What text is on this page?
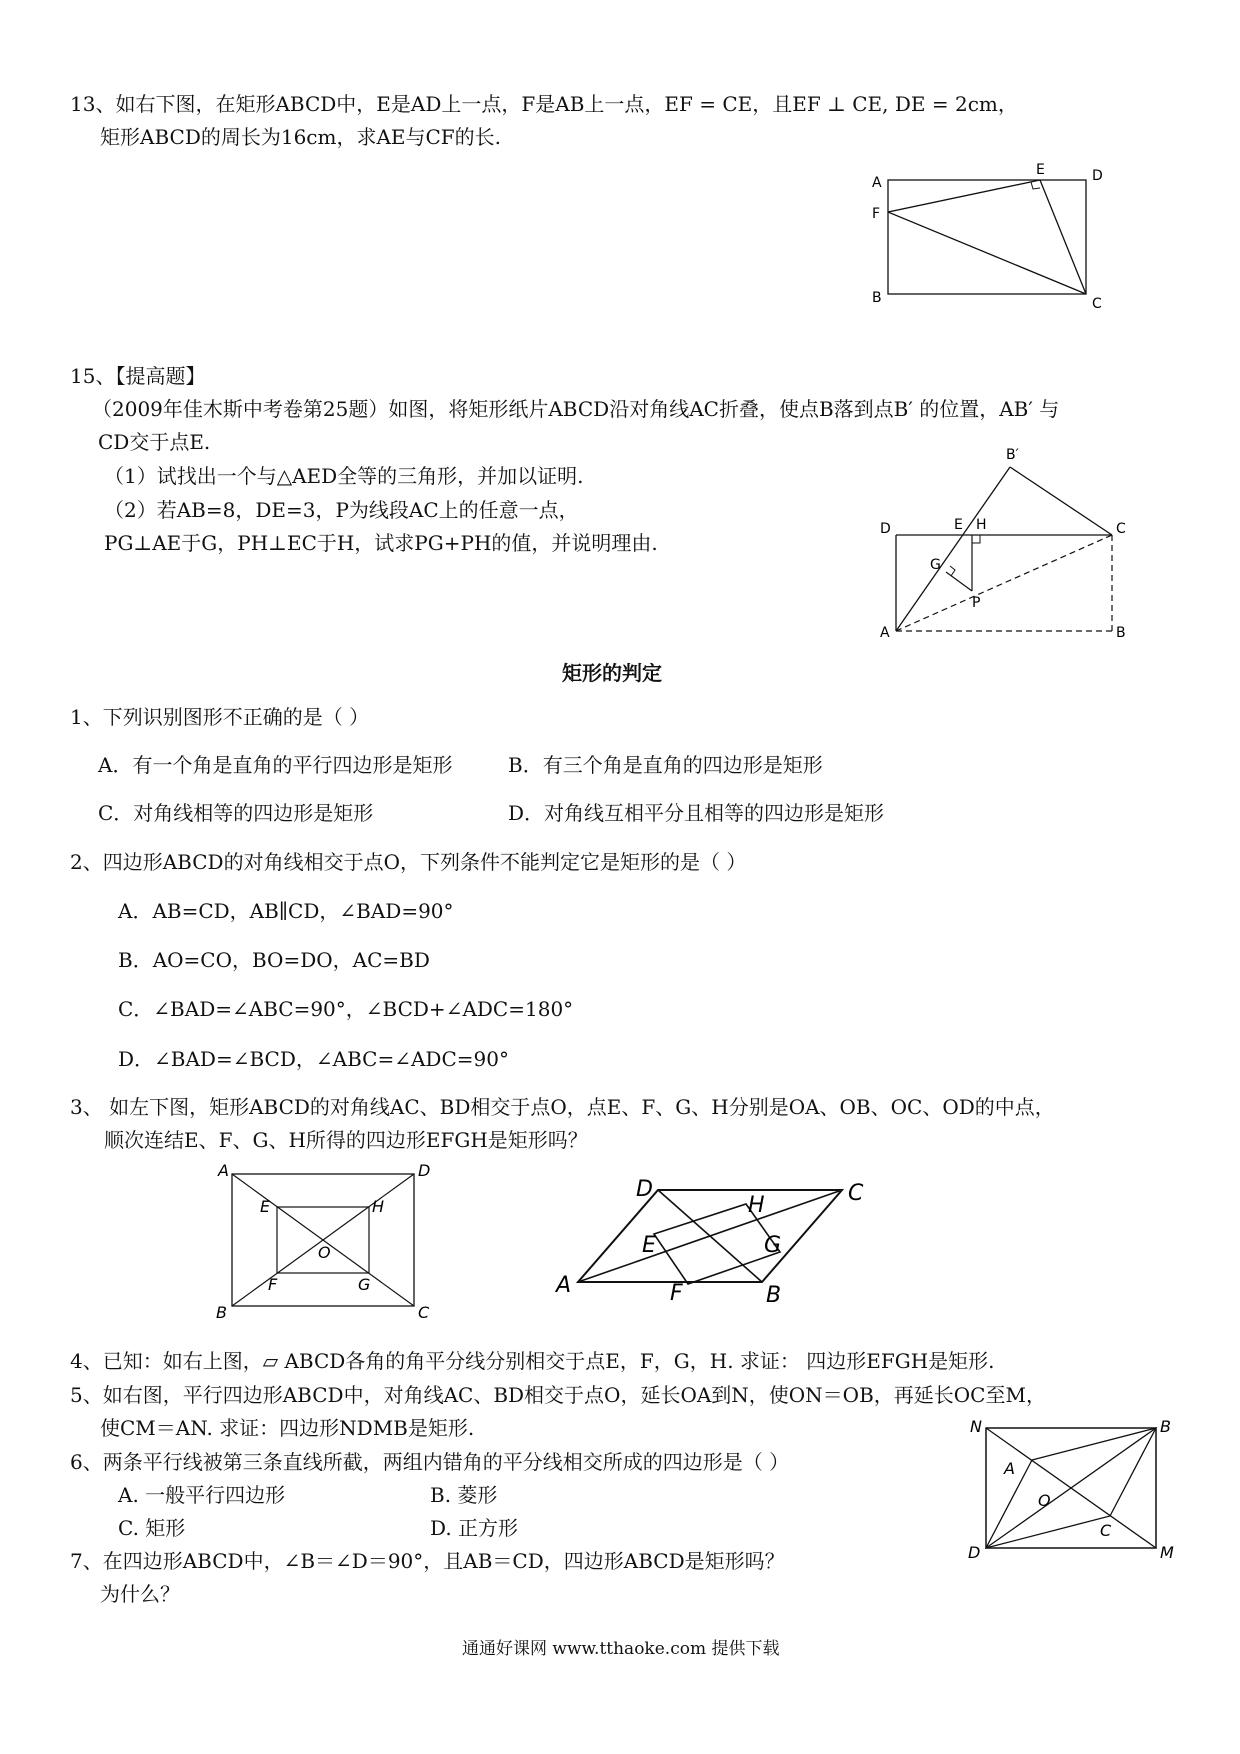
13、如右下图，在矩形ABCD中，E是AD上一点，F是AB上一点，EF = CE，且EF ⊥ CE, DE = 2cm，
矩形ABCD的周长为16cm，求AE与CF的长.
A
E	D
F
B	C
15、【提高题】
（2009年佳木斯中考卷第25题）如图，将矩形纸片ABCD沿对角线AC折叠，使点B落到点B′ 的位置，AB′ 与
CD交于点E.
（1）试找出一个与△AED全等的三角形，并加以证明.
（2）若AB=8，DE=3，P为线段AC上的任意一点，
PG⊥AE于G，PH⊥EC于H，试求PG+PH的值，并说明理由.
B′
D	E H	C
G
P
A	B
矩形的判定
1、下列识别图形不正确的是（ ）
A．有一个角是直角的平行四边形是矩形	B．有三个角是直角的四边形是矩形
C．对角线相等的四边形是矩形	D．对角线互相平分且相等的四边形是矩形
2、四边形ABCD的对角线相交于点O，下列条件不能判定它是矩形的是（ ）
A．AB=CD，AB∥CD，∠BAD=90°
B．AO=CO，BO=DO，AC=BD
C．∠BAD=∠ABC=90°，∠BCD+∠ADC=180°
D．∠BAD=∠BCD，∠ABC=∠ADC=90°
3、 如左下图，矩形ABCD的对角线AC、BD相交于点O，点E、F、G、H分别是OA、OB、OC、OD的中点，
顺次连结E、F、G、H所得的四边形EFGH是矩形吗？
A	D
E	H
O
F	G
B	C
D	C
H
E	G
F
A	B
4、已知：如右上图，▱ ABCD各角的角平分线分别相交于点E，F，G，H. 求证： 四边形EFGH是矩形.
5、如右图，平行四边形ABCD中，对角线AC、BD相交于点O，延长OA到N，使ON＝OB，再延长OC至M，
使CM＝AN. 求证：四边形NDMB是矩形.	N	B
A
O
C
D	M
6、两条平行线被第三条直线所截，两组内错角的平分线相交所成的四边形是（ ）
A. 一般平行四边形	B. 菱形
C. 矩形	D. 正方形
7、在四边形ABCD中，∠B＝∠D＝90°，且AB＝CD，四边形ABCD是矩形吗？
为什么？
通通好课网 www.tthaoke.com 提供下载
